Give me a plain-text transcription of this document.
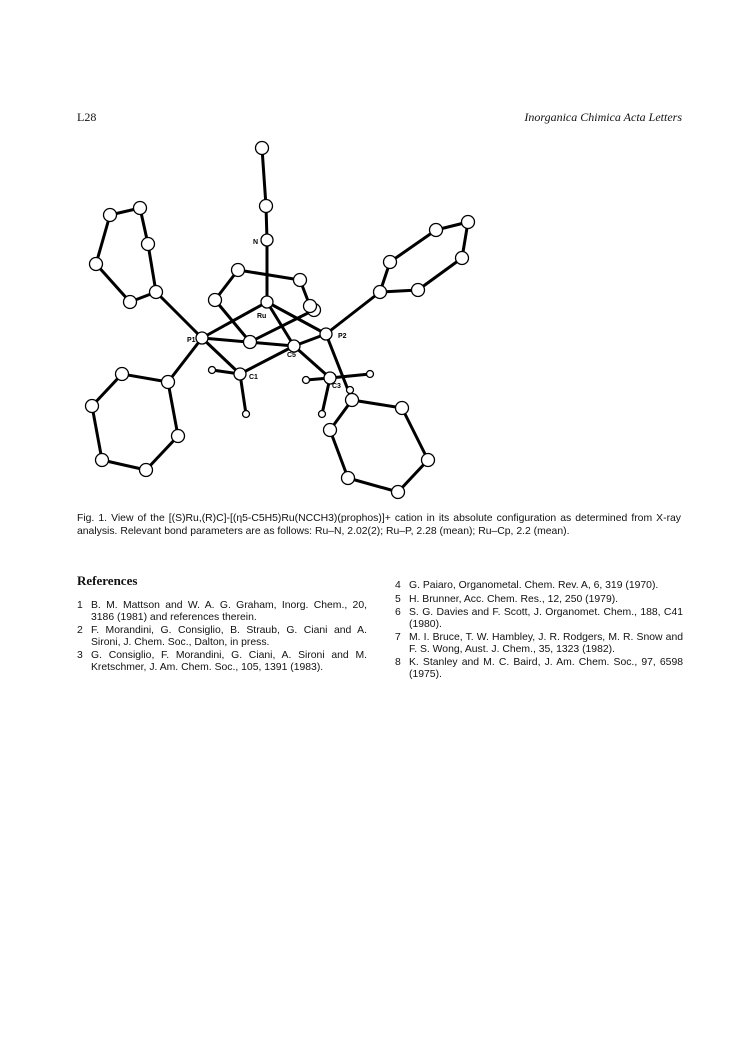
L28	Inorganica Chimica Acta Letters
N
Ru
P1
P2
C5
C1
C3
Fig. 1. View of the [(S)Ru,(R)C]-[(η5-C5H5)Ru(NCCH3)(prophos)]+ cation in its absolute configuration as determined from X-ray analysis. Relevant bond parameters are as follows: Ru–N, 2.02(2); Ru–P, 2.28 (mean); Ru–Cp, 2.2 (mean).
References
1 B. M. Mattson and W. A. G. Graham, Inorg. Chem., 20, 3186 (1981) and references therein.
2 F. Morandini, G. Consiglio, B. Straub, G. Ciani and A. Sironi, J. Chem. Soc., Dalton, in press.
3 G. Consiglio, F. Morandini, G. Ciani, A. Sironi and M. Kretschmer, J. Am. Chem. Soc., 105, 1391 (1983).
4 G. Paiaro, Organometal. Chem. Rev. A, 6, 319 (1970).
5 H. Brunner, Acc. Chem. Res., 12, 250 (1979).
6 S. G. Davies and F. Scott, J. Organomet. Chem., 188, C41 (1980).
7 M. I. Bruce, T. W. Hambley, J. R. Rodgers, M. R. Snow and F. S. Wong, Aust. J. Chem., 35, 1323 (1982).
8 K. Stanley and M. C. Baird, J. Am. Chem. Soc., 97, 6598 (1975).
